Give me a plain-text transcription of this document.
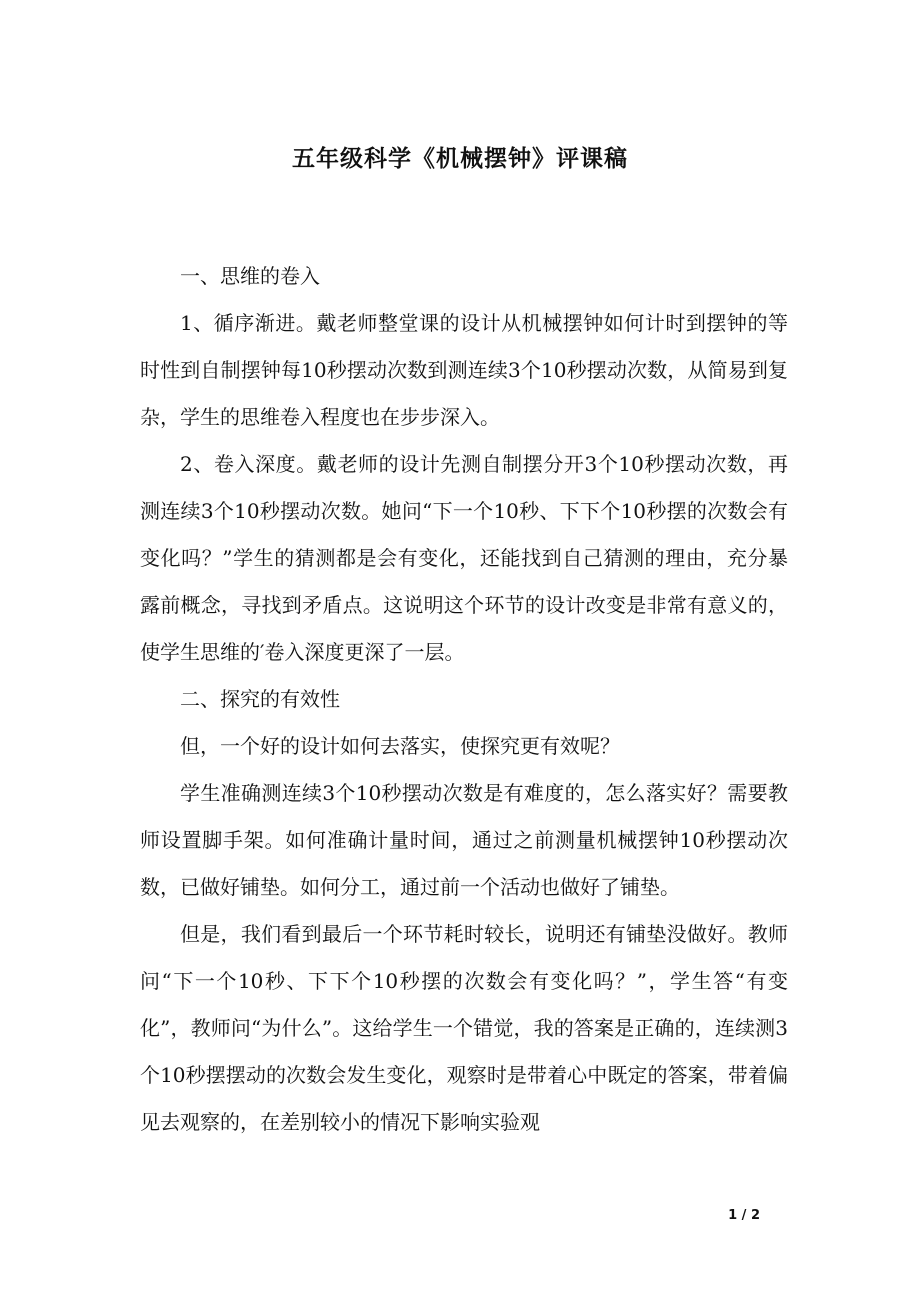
五年级科学《机械摆钟》评课稿

一、思维的卷入

1、循序渐进。戴老师整堂课的设计从机械摆钟如何计时到摆钟的等时性到自制摆钟每10秒摆动次数到测连续3个10秒摆动次数，从简易到复杂，学生的思维卷入程度也在步步深入。

2、卷入深度。戴老师的设计先测自制摆分开3个10秒摆动次数，再测连续3个10秒摆动次数。她问“下一个10秒、下下个10秒摆的次数会有变化吗？”学生的猜测都是会有变化，还能找到自己猜测的理由，充分暴露前概念，寻找到矛盾点。这说明这个环节的设计改变是非常有意义的，使学生思维的′卷入深度更深了一层。

二、探究的有效性

但，一个好的设计如何去落实，使探究更有效呢？

学生准确测连续3个10秒摆动次数是有难度的，怎么落实好？需要教师设置脚手架。如何准确计量时间，通过之前测量机械摆钟10秒摆动次数，已做好铺垫。如何分工，通过前一个活动也做好了铺垫。

但是，我们看到最后一个环节耗时较长，说明还有铺垫没做好。教师问“下一个10秒、下下个10秒摆的次数会有变化吗？”，学生答“有变化”，教师问“为什么”。这给学生一个错觉，我的答案是正确的，连续测3个10秒摆摆动的次数会发生变化，观察时是带着心中既定的答案，带着偏见去观察的，在差别较小的情况下影响实验观

1 / 2
